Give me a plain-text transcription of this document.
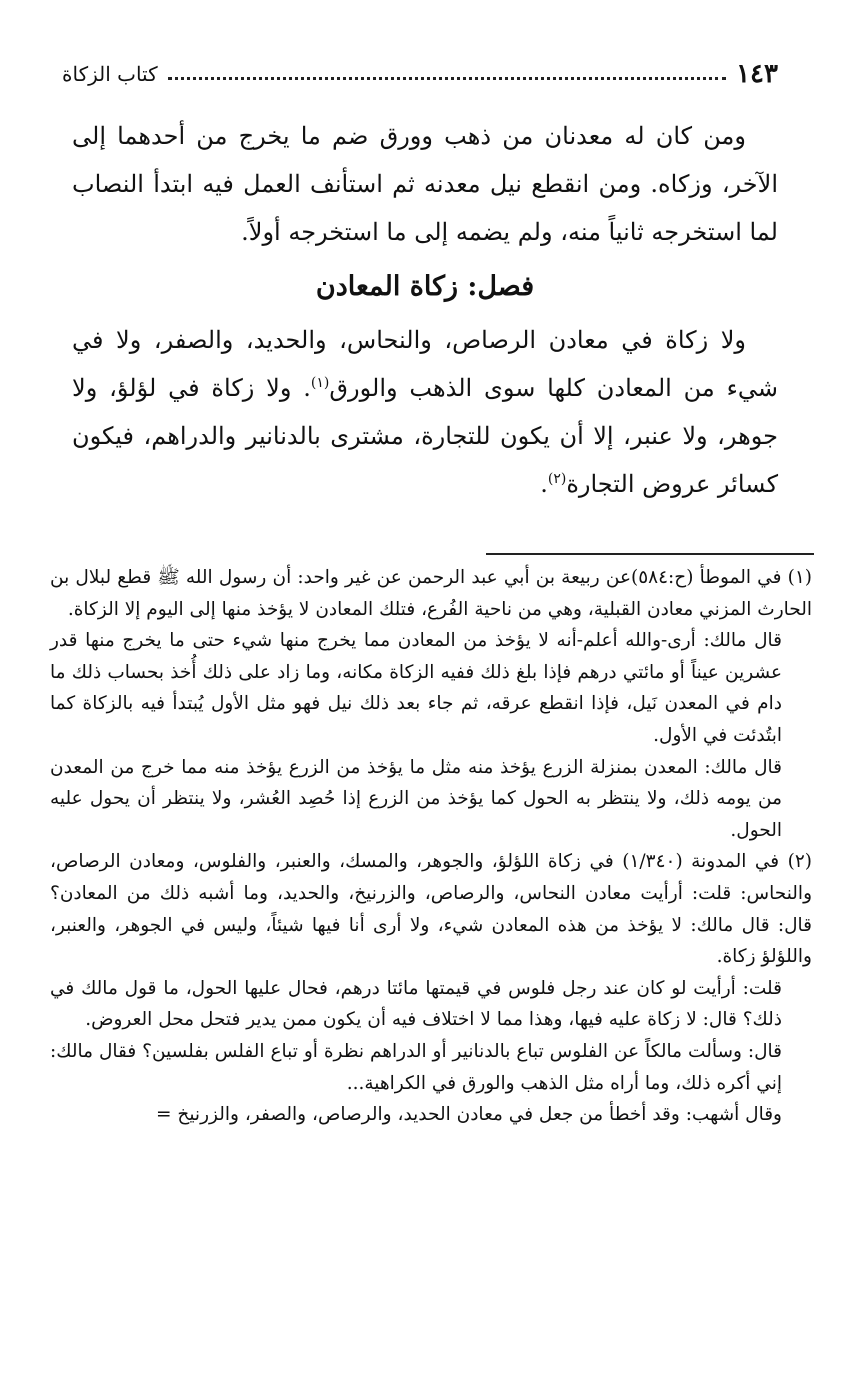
١٤٣
كتاب الزكاة

ومن كان له معدنان من ذهب وورق ضم ما يخرج من أحدهما إلى الآخر، وزكاه. ومن انقطع نيل معدنه ثم استأنف العمل فيه ابتدأ النصاب لما استخرجه ثانياً منه، ولم يضمه إلى ما استخرجه أولاً.

فصل: زكاة المعادن

ولا زكاة في معادن الرصاص، والنحاس، والحديد، والصفر، ولا في شيء من المعادن كلها سوى الذهب والورق$^{(١)}$. ولا زكاة في لؤلؤ، ولا جوهر، ولا عنبر، إلا أن يكون للتجارة، مشترى بالدنانير والدراهم، فيكون كسائر عروض التجارة$^{(٢)}$.

(١) في الموطأ (ح:٥٨٤)عن ربيعة بن أبي عبد الرحمن عن غير واحد: أن رسول الله ﷺ قطع لبلال بن الحارث المزني معادن القبلية، وهي من ناحية الفُرع، فتلك المعادن لا يؤخذ منها إلى اليوم إلا الزكاة.

قال مالك: أرى-والله أعلم-أنه لا يؤخذ من المعادن مما يخرج منها شيء حتى ما يخرج منها قدر عشرين عيناً أو مائتي درهم فإذا بلغ ذلك ففيه الزكاة مكانه، وما زاد على ذلك أُخذ بحساب ذلك ما دام في المعدن نَيل، فإذا انقطع عرقه، ثم جاء بعد ذلك نيل فهو مثل الأول يُبتدأ فيه بالزكاة كما ابتُدئت في الأول.

قال مالك: المعدن بمنزلة الزرع يؤخذ منه مثل ما يؤخذ من الزرع يؤخذ منه مما خرج من المعدن من يومه ذلك، ولا ينتظر به الحول كما يؤخذ من الزرع إذا حُصِد العُشر، ولا ينتظر أن يحول عليه الحول.

(٢) في المدونة (١/٣٤٠) في زكاة اللؤلؤ، والجوهر، والمسك، والعنبر، والفلوس، ومعادن الرصاص، والنحاس: قلت: أرأيت معادن النحاس، والرصاص، والزرنيخ، والحديد، وما أشبه ذلك من المعادن؟ قال: قال مالك: لا يؤخذ من هذه المعادن شيء، ولا أرى أنا فيها شيئاً، وليس في الجوهر، والعنبر، واللؤلؤ زكاة.

قلت: أرأيت لو كان عند رجل فلوس في قيمتها مائتا درهم، فحال عليها الحول، ما قول مالك في ذلك؟ قال: لا زكاة عليه فيها، وهذا مما لا اختلاف فيه أن يكون ممن يدير فتحل محل العروض.

قال: وسألت مالكاً عن الفلوس تباع بالدنانير أو الدراهم نظرة أو تباع الفلس بفلسين؟ فقال مالك: إني أكره ذلك، وما أراه مثل الذهب والورق في الكراهية...

وقال أشهب: وقد أخطأ من جعل في معادن الحديد، والرصاص، والصفر، والزرنيخ =
